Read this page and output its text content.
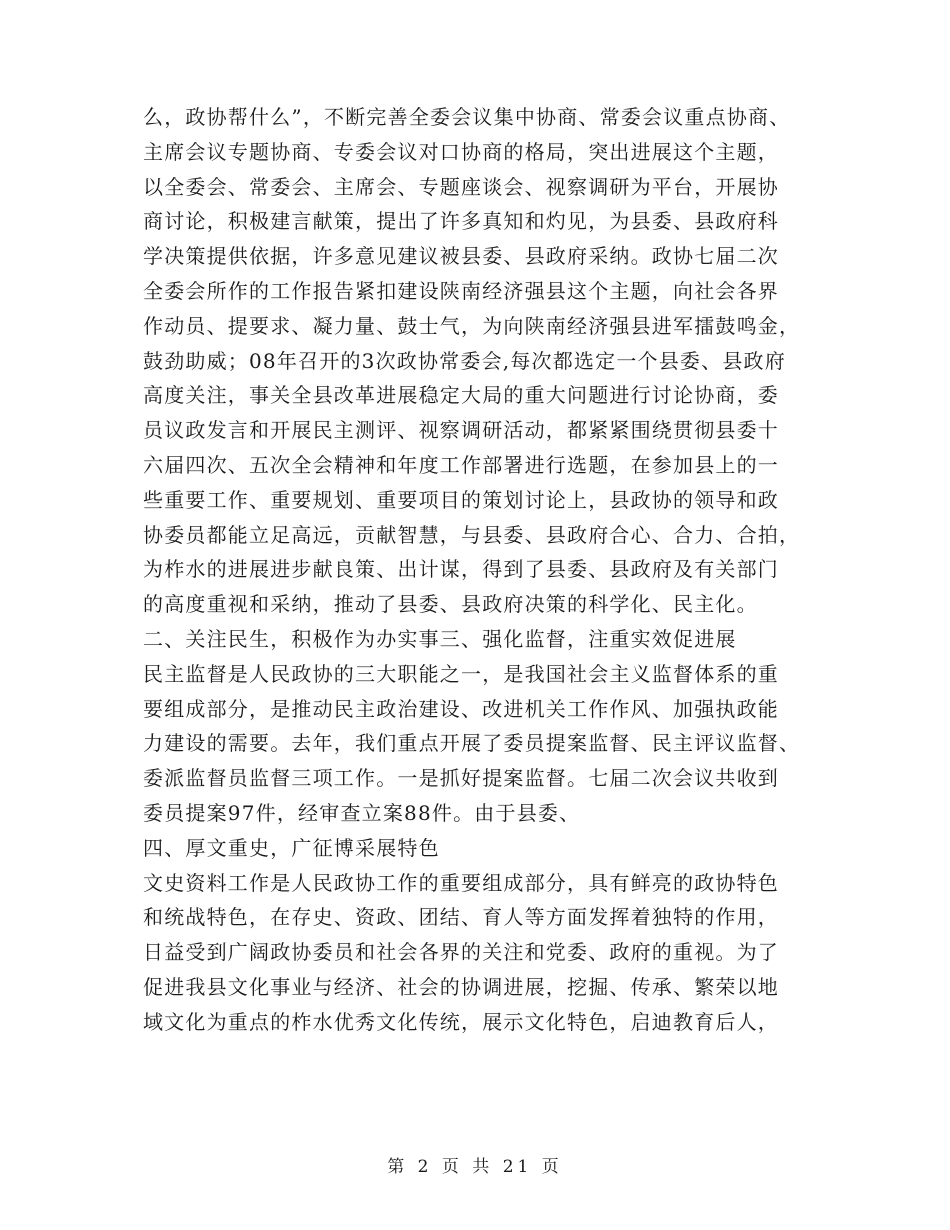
么，政协帮什么”，不断完善全委会议集中协商、常委会议重点协商、
主席会议专题协商、专委会议对口协商的格局，突出进展这个主题，
以全委会、常委会、主席会、专题座谈会、视察调研为平台，开展协
商讨论，积极建言献策，提出了许多真知和灼见，为县委、县政府科
学决策提供依据，许多意见建议被县委、县政府采纳。政协七届二次
全委会所作的工作报告紧扣建设陕南经济强县这个主题，向社会各界
作动员、提要求、凝力量、鼓士气，为向陕南经济强县进军擂鼓鸣金，
鼓劲助威；08年召开的3次政协常委会,每次都选定一个县委、县政府
高度关注，事关全县改革进展稳定大局的重大问题进行讨论协商，委
员议政发言和开展民主测评、视察调研活动，都紧紧围绕贯彻县委十
六届四次、五次全会精神和年度工作部署进行选题，在参加县上的一
些重要工作、重要规划、重要项目的策划讨论上，县政协的领导和政
协委员都能立足高远，贡献智慧，与县委、县政府合心、合力、合拍，
为柞水的进展进步献良策、出计谋，得到了县委、县政府及有关部门
的高度重视和采纳，推动了县委、县政府决策的科学化、民主化。
二、关注民生，积极作为办实事三、强化监督，注重实效促进展
民主监督是人民政协的三大职能之一，是我国社会主义监督体系的重
要组成部分，是推动民主政治建设、改进机关工作作风、加强执政能
力建设的需要。去年，我们重点开展了委员提案监督、民主评议监督、
委派监督员监督三项工作。一是抓好提案监督。七届二次会议共收到
委员提案97件，经审查立案88件。由于县委、
四、厚文重史，广征博采展特色
文史资料工作是人民政协工作的重要组成部分，具有鲜亮的政协特色
和统战特色，在存史、资政、团结、育人等方面发挥着独特的作用，
日益受到广阔政协委员和社会各界的关注和党委、政府的重视。为了
促进我县文化事业与经济、社会的协调进展，挖掘、传承、繁荣以地
域文化为重点的柞水优秀文化传统，展示文化特色，启迪教育后人，
第 2 页 共 21 页
